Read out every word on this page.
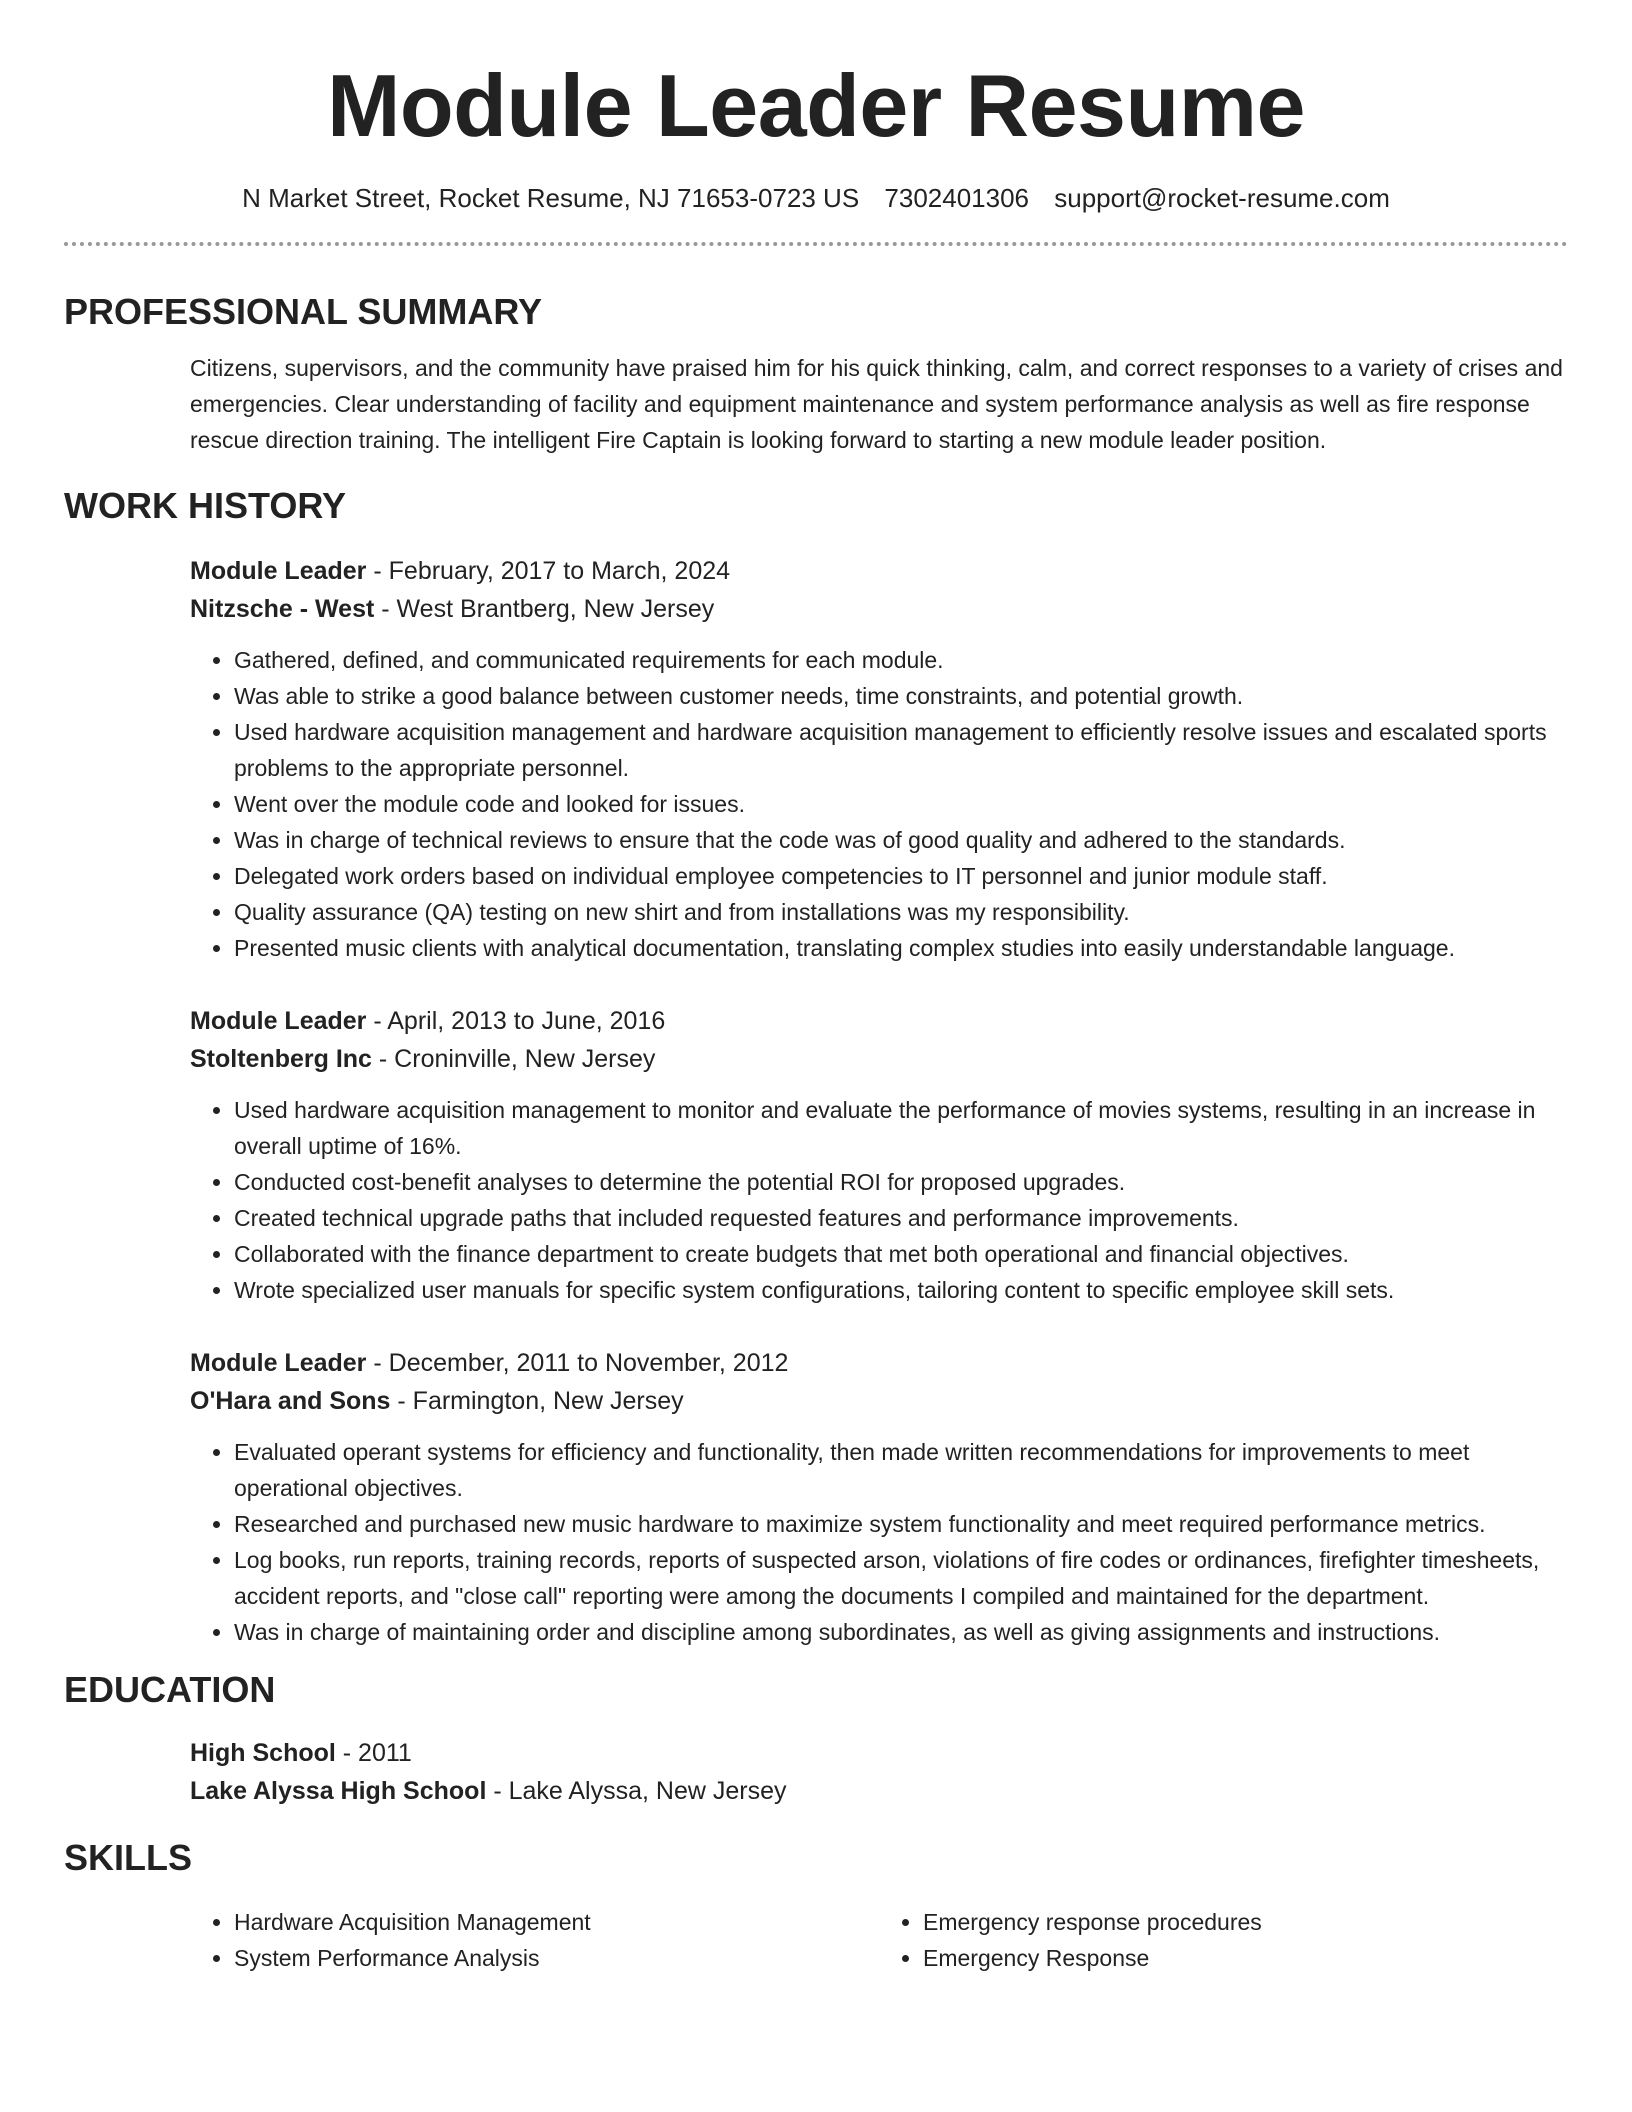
Module Leader Resume
N Market Street, Rocket Resume, NJ 71653-0723 US 7302401306 support@rocket-resume.com
PROFESSIONAL SUMMARY

Citizens, supervisors, and the community have praised him for his quick thinking, calm, and correct responses to a variety of crises and emergencies. Clear understanding of facility and equipment maintenance and system performance analysis as well as fire response rescue direction training. The intelligent Fire Captain is looking forward to starting a new module leader position.

WORK HISTORY
Module Leader - February, 2017 to March, 2024
Nitzsche - West - West Brantberg, New Jersey
• Gathered, defined, and communicated requirements for each module.
• Was able to strike a good balance between customer needs, time constraints, and potential growth.
• Used hardware acquisition management and hardware acquisition management to efficiently resolve issues and escalated sports problems to the appropriate personnel.
• Went over the module code and looked for issues.
• Was in charge of technical reviews to ensure that the code was of good quality and adhered to the standards.
• Delegated work orders based on individual employee competencies to IT personnel and junior module staff.
• Quality assurance (QA) testing on new shirt and from installations was my responsibility.
• Presented music clients with analytical documentation, translating complex studies into easily understandable language.
Module Leader - April, 2013 to June, 2016
Stoltenberg Inc - Croninville, New Jersey
• Used hardware acquisition management to monitor and evaluate the performance of movies systems, resulting in an increase in overall uptime of 16%.
• Conducted cost-benefit analyses to determine the potential ROI for proposed upgrades.
• Created technical upgrade paths that included requested features and performance improvements.
• Collaborated with the finance department to create budgets that met both operational and financial objectives.
• Wrote specialized user manuals for specific system configurations, tailoring content to specific employee skill sets.
Module Leader - December, 2011 to November, 2012
O'Hara and Sons - Farmington, New Jersey
• Evaluated operant systems for efficiency and functionality, then made written recommendations for improvements to meet operational objectives.
• Researched and purchased new music hardware to maximize system functionality and meet required performance metrics.
• Log books, run reports, training records, reports of suspected arson, violations of fire codes or ordinances, firefighter timesheets, accident reports, and "close call" reporting were among the documents I compiled and maintained for the department.
• Was in charge of maintaining order and discipline among subordinates, as well as giving assignments and instructions.
EDUCATION
High School - 2011
Lake Alyssa High School - Lake Alyssa, New Jersey
SKILLS
• Hardware Acquisition Management
• System Performance Analysis
• Emergency response procedures
• Emergency Response
